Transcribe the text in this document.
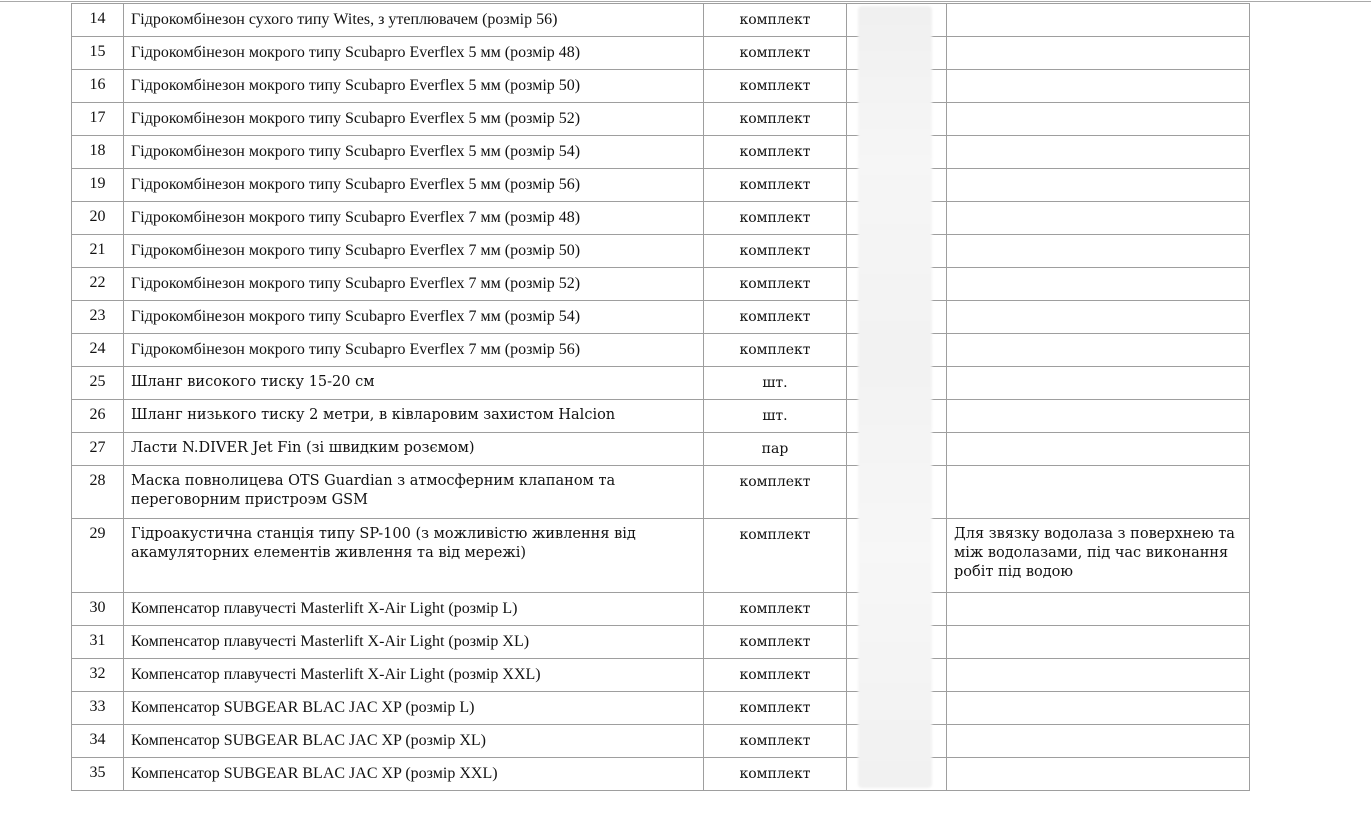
14	Гідрокомбінезон сухого типу Wites, з утеплювачем (розмір 56)	комплект		
15	Гідрокомбінезон мокрого типу Scubapro Everflex 5 мм (розмір 48)	комплект		
16	Гідрокомбінезон мокрого типу Scubapro Everflex 5 мм (розмір 50)	комплект		
17	Гідрокомбінезон мокрого типу Scubapro Everflex 5 мм (розмір 52)	комплект		
18	Гідрокомбінезон мокрого типу Scubapro Everflex 5 мм (розмір 54)	комплект		
19	Гідрокомбінезон мокрого типу Scubapro Everflex 5 мм (розмір 56)	комплект		
20	Гідрокомбінезон мокрого типу Scubapro Everflex 7 мм (розмір 48)	комплект		
21	Гідрокомбінезон мокрого типу Scubapro Everflex 7 мм (розмір 50)	комплект		
22	Гідрокомбінезон мокрого типу Scubapro Everflex 7 мм (розмір 52)	комплект		
23	Гідрокомбінезон мокрого типу Scubapro Everflex 7 мм (розмір 54)	комплект		
24	Гідрокомбінезон мокрого типу Scubapro Everflex 7 мм (розмір 56)	комплект		
25	Шланг високого тиску 15-20 см	шт.		
26	Шланг низького тиску 2 метри, в ківларовим захистом Halcion	шт.		
27	Ласти N.DIVER Jet Fin (зі швидким розємом)	пар		
28	Маска повнолицева OTS Guardian з атмосферним клапаном та переговорним пристроэм GSM	комплект		
29	Гідроакустична станція типу SP-100 (з можливістю живлення від акамуляторних елементів живлення та від мережі)	комплект		Для звязку водолаза з поверхнею та між водолазами, під час виконання робіт під водою
30	Компенсатор плавучесті Masterlift X-Air Light (розмір L)	комплект		
31	Компенсатор плавучесті Masterlift X-Air Light (розмір XL)	комплект		
32	Компенсатор плавучесті Masterlift X-Air Light (розмір XXL)	комплект		
33	Компенсатор SUBGEAR BLAC JAC XP (розмір L)	комплект		
34	Компенсатор SUBGEAR BLAC JAC XP (розмір XL)	комплект		
35	Компенсатор SUBGEAR BLAC JAC XP (розмір XXL)	комплект		
